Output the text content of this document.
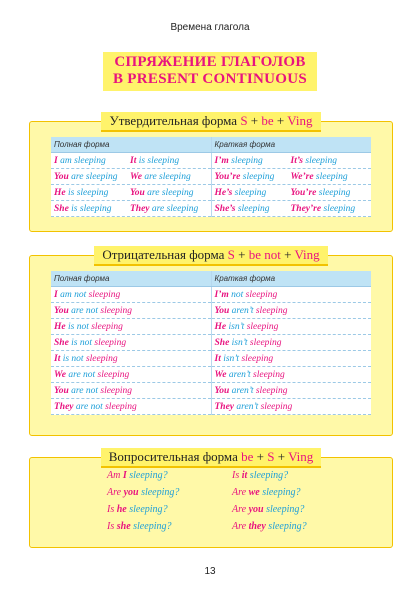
Времена глагола
СПРЯЖЕНИЕ ГЛАГОЛОВ
В PRESENT CONTINUOUS
Утвердительная форма S + be + Ving
Полная форма	Краткая форма
I am sleeping It is sleeping	I’m sleeping It’s sleeping
You are sleeping We are sleeping	You’re sleeping We’re sleeping
He is sleeping You are sleeping	He’s sleeping You’re sleeping
She is sleeping They are sleeping	She’s sleeping They’re sleeping
Отрицательная форма S + be not + Ving
Полная форма	Краткая форма
I am not sleeping	I’m not sleeping
You are not sleeping	You aren’t sleeping
He is not sleeping	He isn’t sleeping
She is not sleeping	She isn’t sleeping
It is not sleeping	It isn’t sleeping
We are not sleeping	We aren’t sleeping
You are not sleeping	You aren’t sleeping
They are not sleeping	They aren’t sleeping
Вопросительная форма be + S + Ving
Am I sleeping?	Is it sleeping?
Are you sleeping?	Are we sleeping?
Is he sleeping?	Are you sleeping?
Is she sleeping?	Are they sleeping?
13
